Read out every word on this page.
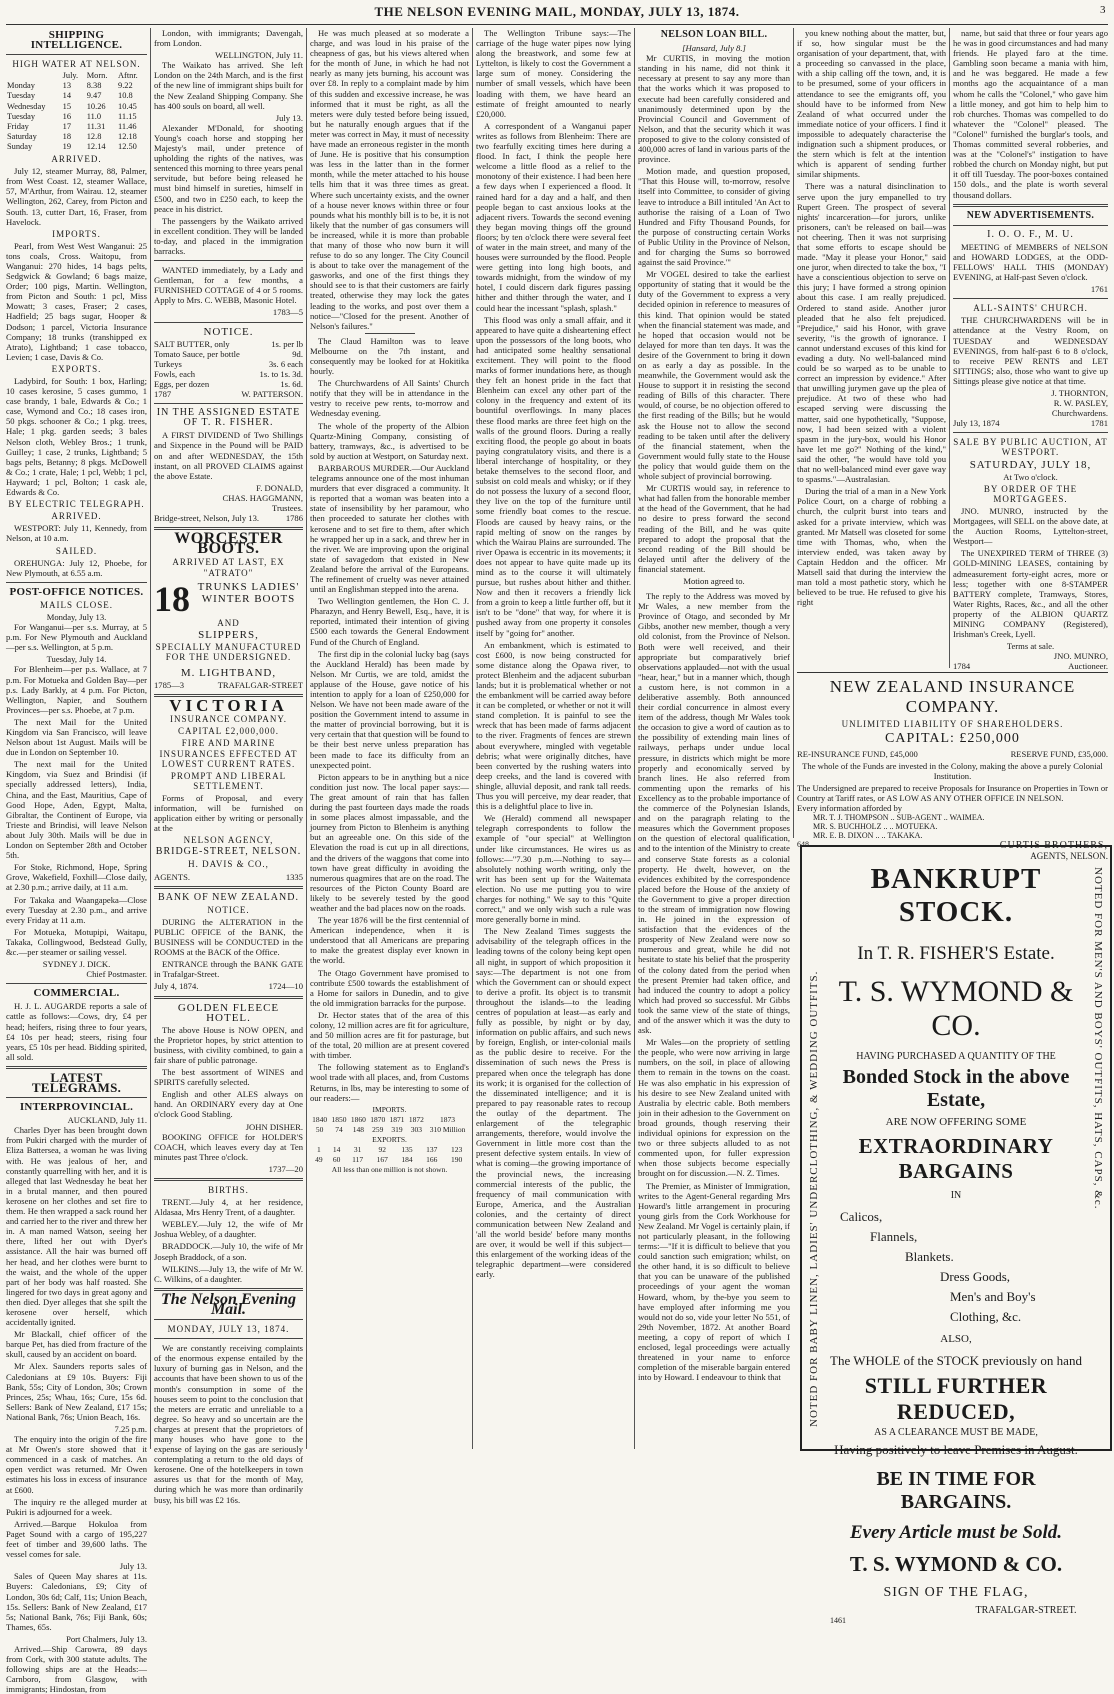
THE NELSON EVENING MAIL, MONDAY, JULY 13, 1874.	3
SHIPPING INTELLIGENCE.
HIGH WATER AT NELSON.
	July.	Morn.	Aftnr.
Monday	13	8.38	9.22
Tuesday	14	9.47	10.8
Wednesday	15	10.26	10.45
Tuesday	16	11.0	11.15
Friday	17	11.31	11.46
Saturday	18	12.8	12.18
Sunday	19	12.14	12.50
ARRIVED.

July 12, steamer Murray, 88, Palmer, from West Coast. 12, steamer Wallace, 57, M'Arthur, from Wairau. 12, steamer Wellington, 262, Carey, from Picton and South. 13, cutter Dart, 16, Fraser, from Havelock.

IMPORTS.

Pearl, from West West Wanganui: 25 tons coals, Cross. Waitopu, from Wanganui: 270 hides, 14 bags pelts, Sedgwick & Gowland; 6 bags maize, Order; 100 pigs, Martin. Wellington, from Picton and South: 1 pcl, Miss Mowatt; 3 cases, Fraser; 2 cases, Hadfield; 25 bags sugar, Hooper & Dodson; 1 parcel, Victoria Insurance Company; 18 trunks (transhipped ex Atrato), Lightband; 1 case tobacco, Levien; 1 case, Davis & Co.

EXPORTS.

Ladybird, for South: 1 box, Harling; 10 cases kerosine, 5 cases gummo, 1 case brandy, 1 bale, Edwards & Co.; 1 case, Wymond and Co.; 18 cases iron, 50 pkgs. schooner & Co.; 1 pkg. trees, Hale; 1 pkg. garden seeds; 3 bales Nelson cloth, Webley Bros.; 1 trunk, Guilley; 1 case, 2 trunks, Lightband; 5 bags pelts, Betanny; 8 pkgs. McDowell & Co.; 1 crate, Hale; 1 pcl, Webb; 1 pcl, Hayward; 1 pcl, Bolton; 1 cask ale, Edwards & Co.

BY ELECTRIC TELEGRAPH.
ARRIVED.

WESTPORT: July 11, Kennedy, from Nelson, at 10 a.m.

SAILED.

OREHUNGA: July 12, Phoebe, for New Plymouth, at 6.55 a.m.

POST-OFFICE NOTICES.
MAILS CLOSE.
Monday, July 13.

For Wanganui—per s.s. Murray, at 5 p.m. For New Plymouth and Auckland—per s.s. Wellington, at 5 p.m.

Tuesday, July 14.

For Blenheim—per p.s. Wallace, at 7 p.m. For Motueka and Golden Bay—per p.s. Lady Barkly, at 4 p.m. For Picton, Wellington, Napier, and Southern Provinces—per s.s. Phoebe, at 7 p.m.

The next Mail for the United Kingdom via San Francisco, will leave Nelson about 1st August. Mails will be due in London on September 10.

The next mail for the United Kingdom, via Suez and Brindisi (if specially addressed letters), India, China, and the East, Mauritius, Cape of Good Hope, Aden, Egypt, Malta, Gibraltar, the Continent of Europe, via Trieste and Brindisi, will leave Nelson about July 30th. Mails will be due in London on September 28th and October 5th.

For Stoke, Richmond, Hope, Spring Grove, Wakefield, Foxhill—Close daily, at 2.30 p.m.; arrive daily, at 11 a.m.

For Takaka and Waangapeka—Close every Tuesday at 2.30 p.m., and arrive every Friday at 11 a.m.

For Motueka, Motupipi, Waitapu, Takaka, Collingwood, Bedstead Gully, &c.—per steamer or sailing vessel.

SYDNEY J. DICK.
Chief Postmaster.
COMMERCIAL.

H. J. L. AUGARDE reports a sale of cattle as follows:—Cows, dry, £4 per head; heifers, rising three to four years, £4 10s per head; steers, rising four years, £5 10s per head. Bidding spirited, all sold.

LATEST TELEGRAMS.
INTERPROVINCIAL.
AUCKLAND, July 11.

Charles Dyer has been brought down from Pukiri charged with the murder of Eliza Battersea, a woman he was living with. He was jealous of her, and constantly quarrelling with her, and it is alleged that last Wednesday he beat her in a brutal manner, and then poured kerosene on her clothes and set fire to them. He then wrapped a sack round her and carried her to the river and threw her in. A man named Watson, seeing her there, lifted her out with Dyer's assistance. All the hair was burned off her head, and her clothes were burnt to the waist, and the whole of the upper part of her body was half roasted. She lingered for two days in great agony and then died. Dyer alleges that she spilt the kerosene over herself, which accidentally ignited.

Mr Blackall, chief officer of the barque Pet, has died from fracture of the skull, caused by an accident on board.

Mr Alex. Saunders reports sales of Caledonians at £9 10s. Buyers: Fiji Bank, 55s; City of London, 30s; Crown Princes, 25s; Whau, 16s; Cure, 15s 6d. Sellers: Bank of New Zealand, £17 15s; National Bank, 76s; Union Beach, 16s.

7.25 p.m.

The enquiry into the origin of the fire at Mr Owen's store showed that it commenced in a cask of matches. An open verdict was returned. Mr Owen estimates his loss in excess of insurance at £600.

The inquiry re the alleged murder at Pukiri is adjourned for a week.

Arrived.—Barque Hokuloa from Paget Sound with a cargo of 195,227 feet of timber and 39,600 laths. The vessel comes for sale.

July 13.

Sales of Queen May shares at 11s. Buyers: Caledonians, £9; City of London, 30s 6d; Calf, 11s; Union Beach, 15s. Sellers: Bank of New Zealand, £17 5s; National Bank, 76s; Fiji Bank, 60s; Thames, 65s.

Port Chalmers, July 13.

Arrived.—Ship Carowra, 89 days from Cork, with 300 statute adults. The following ships are at the Heads:—Carnboro, from Glasgow, with immigrants; Hindostan, from

London, with immigrants; Davengah, from London.

WELLINGTON, July 11.

The Waikato has arrived. She left London on the 24th March, and is the first of the new line of immigrant ships built for the New Zealand Shipping Company. She has 400 souls on board, all well.

July 13.

Alexander M'Donald, for shooting Young's coach horse and stopping her Majesty's mail, under pretence of upholding the rights of the natives, was sentenced this morning to three years penal servitude, but before being released he must bind himself in sureties, himself in £500, and two in £250 each, to keep the peace in his district.

The passengers by the Waikato arrived in excellent condition. They will be landed to-day, and placed in the immigration barracks.

WANTED immediately, by a Lady and Gentleman, for a few months, a FURNISHED COTTAGE of 4 or 5 rooms. Apply to Mrs. C. WEBB, Masonic Hotel.

1783—5
NOTICE.
SALT BUTTER, only	1s. per lb
Tomato Sauce, per bottle	9d.
Turkeys	3s. 6 each
Fowls, each	1s. to 1s. 3d.
Eggs, per dozen	1s. 6d.
1787	W. PATTERSON.
IN THE ASSIGNED ESTATE OF T. R. FISHER.

A FIRST DIVIDEND of Two Shillings and Sixpence in the Pound will be PAID on and after WEDNESDAY, the 15th instant, on all PROVED CLAIMS against the above Estate.

F. DONALD,
CHAS. HAGGMANN,
Trustees.
Bridge-street, Nelson, July 13.	1786
WORCESTER BOOTS.
ARRIVED AT LAST, EX "ATRATO"
18 TRUNKS LADIES'
WINTER BOOTS
AND
SLIPPERS,
SPECIALLY MANUFACTURED FOR THE UNDERSIGNED.
M. LIGHTBAND,
1785—3	TRAFALGAR-STREET
VICTORIA
INSURANCE COMPANY.
CAPITAL £2,000,000.
FIRE AND MARINE INSURANCES EFFECTED AT LOWEST CURRENT RATES.
PROMPT AND LIBERAL SETTLEMENT.

Forms of Proposal, and every information, will be furnished on application either by writing or personally at the

NELSON AGENCY,
BRIDGE-STREET, NELSON.
H. DAVIS & CO.,
AGENTS.	1335
BANK OF NEW ZEALAND.
NOTICE.

DURING the ALTERATION in the PUBLIC OFFICE of the BANK, the BUSINESS will be CONDUCTED in the ROOMS at the BACK of the Office.

ENTRANCE through the BANK GATE in Trafalgar-Street.

July 4, 1874.	1724—10
GOLDEN FLEECE HOTEL.

The above House is NOW OPEN, and the Proprietor hopes, by strict attention to business, with civility combined, to gain a fair share of public patronage.

The best assortment of WINES and SPIRITS carefully selected.

English and other ALES always on hand. An ORDINARY every day at One o'clock Good Stabling.

JOHN DISHER.

BOOKING OFFICE for HOLDER'S COACH, which leaves every day at Ten minutes past Three o'clock.

1737—20
BIRTHS.

TRENT.—July 4, at her residence, Aldasaa, Mrs Henry Trent, of a daughter.

WEBLEY.—July 12, the wife of Mr Joshua Webley, of a daughter.

BRADDOCK.—July 10, the wife of Mr Joseph Braddock, of a son.

WILKINS.—July 13, the wife of Mr W. C. Wilkins, of a daughter.

The Nelson Evening Mail.
MONDAY, JULY 13, 1874.

We are constantly receiving complaints of the enormous expense entailed by the luxury of burning gas in Nelson, and the accounts that have been shown to us of the month's consumption in some of the houses seem to point to the conclusion that the meters are erratic and unreliable to a degree. So heavy and so uncertain are the charges at present that the proprietors of many houses who have gone to the expense of laying on the gas are seriously contemplating a return to the old days of kerosene. One of the hotelkeepers in town assures us that for the month of May, during which he was more than ordinarily busy, his bill was £2 16s.

He was much pleased at so moderate a charge, and was loud in his praise of the cheapness of gas, but his views altered when for the month of June, in which he had not nearly as many jets burning, his account was over £8. In reply to a complaint made by him of this sudden and excessive increase, he was informed that it must be right, as all the meters were duly tested before being issued, but he naturally enough argues that if the meter was correct in May, it must of necessity have made an erroneous register in the month of June. He is positive that his consumption was less in the latter than in the former month, while the meter attached to his house tells him that it was three times as great. Where such uncertainty exists, and the owner of a house never knows within three or four pounds what his monthly bill is to be, it is not likely that the number of gas consumers will be increased, while it is more than probable that many of those who now burn it will refuse to do so any longer. The City Council is about to take over the management of the gasworks, and one of the first things they should see to is that their customers are fairly treated, otherwise they may lock the gates leading to the works, and post over them a notice—"Closed for the present. Another of Nelson's failures."

The Claud Hamilton was to leave Melbourne on the 7th instant, and consequently may be looked for at Hokitika hourly.

The Churchwardens of All Saints' Church notify that they will be in attendance in the vestry to receive pew rents, to-morrow and Wednesday evening.

The whole of the property of the Albion Quartz-Mining Company, consisting of battery, tramways, &c., is advertised to be sold by auction at Westport, on Saturday next.

BARBAROUS MURDER.—Our Auckland telegrams announce one of the most inhuman murders that ever disgraced a community. It is reported that a woman was beaten into a state of insensibility by her paramour, who then proceeded to saturate her clothes with kerosene and to set fire to them, after which he wrapped her up in a sack, and threw her in the river. We are improving upon the original state of savagedom that existed in New Zealand before the arrival of the Europeans. The refinement of cruelty was never attained until an Englishman stepped into the arena.

Two Wellington gentlemen, the Hon C. J. Pharazyn, and Henry Bewell, Esq., have, it is reported, intimated their intention of giving £500 each towards the General Endowment Fund of the Church of England.

The first dip in the colonial lucky bag (says the Auckland Herald) has been made by Nelson. Mr Curtis, we are told, amidst the applause of the House, gave notice of his intention to apply for a loan of £250,000 for Nelson. We have not been made aware of the position the Government intend to assume in the matter of provincial borrowing, but it is very certain that that question will be found to be their best nerve unless preparation has been made to face its difficulty from an unexpected point.

Picton appears to be in anything but a nice condition just now. The local paper says:—The great amount of rain that has fallen during the past fourteen days made the roads in some places almost impassable, and the journey from Picton to Blenheim is anything but an agreeable one. On this side of the Elevation the road is cut up in all directions, and the drivers of the waggons that come into town have great difficulty in avoiding the numerous quagmires that are on the road. The resources of the Picton County Board are likely to be severely tested by the good weather and the bad places now on the roads.

The year 1876 will be the first centennial of American independence, when it is understood that all Americans are preparing to make the greatest display ever known in the world.

The Otago Government have promised to contribute £500 towards the establishment of a Home for sailors in Dunedin, and to give the old immigration barracks for the purpose.

Dr. Hector states that of the area of this colony, 12 million acres are fit for agriculture, and 50 million acres are fit for pasturage, but of the total, 20 million are at present covered with timber.

The following statement as to England's wool trade with all places, and, from Customs Returns, in lbs, may be interesting to some of our readers:—

IMPORTS.
1840	1850	1860	1870	1871	1872	1873
50	74	148	259	319	303	310 Million
EXPORTS.
1	14	31	92	135	137	123
49	60	117	167	184	166	190
All less than one million is not shown.

The Wellington Tribune says:—The carriage of the huge water pipes now lying along the breastwork, and some few at Lyttelton, is likely to cost the Government a large sum of money. Considering the number of small vessels, which have been loading with them, we have heard an estimate of freight amounted to nearly £20,000.

A correspondent of a Wanganui paper writes as follows from Blenheim: There are two fearfully exciting times here during a flood. In fact, I think the people here welcome a little flood as a relief to the monotony of their existence. I had been here a few days when I experienced a flood. It rained hard for a day and a half, and then people began to cast anxious looks at the adjacent rivers. Towards the second evening they began moving things off the ground floors; by ten o'clock there were several feet of water in the main street, and many of the houses were surrounded by the flood. People were getting into long high boots, and towards midnight, from the window of my hotel, I could discern dark figures passing hither and thither through the water, and I could hear the incessant "splash, splash."

This flood was only a small affair, and it appeared to have quite a disheartening effect upon the possessors of the long boots, who had anticipated some healthy sensational excitement. They will point to the flood marks of former inundations here, as though they felt an honest pride in the fact that Blenheim can excel any other part of the colony in the frequency and extent of its bountiful overflowings. In many places these flood marks are three feet high on the walls of the ground floors. During a really exciting flood, the people go about in boats paying congratulatory visits, and there is a liberal interchange of hospitality, or they betake themselves to the second floor, and subsist on cold meals and whisky; or if they do not possess the luxury of a second floor, they live on the top of the furniture until some friendly boat comes to the rescue. Floods are caused by heavy rains, or the rapid melting of snow on the ranges by which the Wairau Plains are surrounded. The river Opawa is eccentric in its movements; it does not appear to have quite made up its mind as to the course it will ultimately pursue, but rushes about hither and thither. Now and then it recovers a friendly lick from a groin to keep a little further off, but it isn't to be "done" that way, for where it is pushed away from one property it consoles itself by "going for" another.

An embankment, which is estimated to cost £600, is now being constructed for some distance along the Opawa river, to protect Blenheim and the adjacent suburban lands; but it is problematical whether or not the embankment will be carried away before it can be completed, or whether or not it will stand completion. It is painful to see the wreck that has been made of farms adjacent to the river. Fragments of fences are strewn about everywhere, mingled with vegetable debris; what were originally ditches, have been converted by the rushing waters into deep creeks, and the land is covered with shingle, alluvial deposit, and rank tall reeds. Thus you will perceive, my dear reader, that this is a delightful place to live in.

We (Herald) commend all newspaper telegraph correspondents to follow the example of "our special" at Wellington under like circumstances. He wires us as follows:—"7.30 p.m.—Nothing to say—absolutely nothing worth writing, only the writ has been sent up for the Waitemata election. No use me putting you to wire charges for nothing." We say to this "Quite correct," and we only wish such a rule was more generally borne in mind.

The New Zealand Times suggests the advisability of the telegraph offices in the leading towns of the colony being kept open all night, in support of which proposition it says:—The department is not one from which the Government can or should expect to derive a profit. Its object is to transmit throughout the islands—to the leading centres of population at least—as early and fully as possible, by night or by day, information on public affairs, and such news by foreign, English, or inter-colonial mails as the public desire to receive. For the dissemination of such news the Press is prepared when once the telegraph has done its work; it is organised for the collection of the disseminated intelligence; and it is prepared to pay reasonable rates to recoup the outlay of the department. The enlargement of the telegraphic arrangements, therefore, would involve the Government in little more cost than the present defective system entails. In view of what is coming—the growing importance of the provincial news, the increasing commercial interests of the public, the frequency of mail communication with Europe, America, and the Australian colonies, and the certainty of direct communication between New Zealand and 'all the world beside' before many months are over, it would be well if this subject—this enlargement of the working ideas of the telegraphic department—were considered early.

NELSON LOAN BILL.
[Hansard, July 8.]

Mr CURTIS, in moving the motion standing in his name, did not think it necessary at present to say any more than that the works which it was proposed to execute had been carefully considered and unanimously determined upon by the Provincial Council and Government of Nelson, and that the security which it was proposed to give to the colony consisted of 400,000 acres of land in various parts of the province.

Motion made, and question proposed, "That this House will, to-morrow, resolve itself into Committee, to consider of giving leave to introduce a Bill intituled 'An Act to authorise the raising of a Loan of Two Hundred and Fifty Thousand Pounds, for the purpose of constructing certain Works of Public Utility in the Province of Nelson, and for charging the Sums so borrowed against the said Province.'"

Mr VOGEL desired to take the earliest opportunity of stating that it would be the duty of the Government to express a very decided opinion in reference to measures of this kind. That opinion would be stated when the financial statement was made, and he hoped that occasion would not be delayed for more than ten days. It was the desire of the Government to bring it down on as early a day as possible. In the meanwhile, the Government would ask the House to support it in resisting the second reading of Bills of this character. There would, of course, be no objection offered to the first reading of the Bills; but he would ask the House not to allow the second reading to be taken until after the delivery of the financial statement, when the Government would fully state to the House the policy that would guide them on the whole subject of provincial borrowing.

Mr CURTIS would say, in reference to what had fallen from the honorable member at the head of the Government, that he had no desire to press forward the second reading of the Bill, and he was quite prepared to adopt the proposal that the second reading of the Bill should be delayed until after the delivery of the financial statement.

Motion agreed to.

The reply to the Address was moved by Mr Wales, a new member from the Province of Otago, and seconded by Mr Gibbs, another new member, though a very old colonist, from the Province of Nelson. Both were well received, and their appropriate but comparatively brief observations applauded—not with the usual "hear, hear," but in a manner which, though a custom here, is not common in a deliberative assembly. Both announced their cordial concurrence in almost every item of the address, though Mr Wales took the occasion to give a word of caution as to the possibility of extending main lines of railways, perhaps under undue local pressure, in districts which might be more properly and economically served by branch lines. He also referred from commenting upon the remarks of his Excellency as to the probable importance of the commerce of the Polynesian Islands, and on the paragraph relating to the measures which the Government proposes on the question of electoral qualification, and to the intention of the Ministry to create and conserve State forests as a colonial property. He dwelt, however, on the evidences exhibited by the correspondence placed before the House of the anxiety of the Government to give a proper direction to the stream of immigration now flowing in. He joined in the expression of satisfaction that the evidences of the prosperity of New Zealand were now so numerous and great, while he did not hesitate to state his belief that the prosperity of the colony dated from the period when the present Premier had taken office, and had induced the country to adopt a policy which had proved so successful. Mr Gibbs took the same view of the state of things, and of the answer which it was the duty to ask.

Mr Wales—on the propriety of settling the people, who were now arriving in large numbers, on the soil, in place of allowing them to remain in the towns on the coast. He was also emphatic in his expression of his desire to see New Zealand united with Australia by electric cable. Both members join in their adhesion to the Government on broad grounds, though reserving their individual opinions for expression on the two or three subjects alluded to as not commented upon, for fuller expression when those subjects become especially brought on for discussion.—N. Z. Times.

The Premier, as Minister of Immigration, writes to the Agent-General regarding Mrs Howard's little arrangement in procuring young girls from the Cork Workhouse for New Zealand. Mr Vogel is certainly plain, if not particularly pleasant, in the following terms:—"If it is difficult to believe that you could sanction such emigration; whilst, on the other hand, it is so difficult to believe that you can be unaware of the published proceedings of your agent the woman Howard, whom, by the-bye you seem to have employed after informing me you would not do so, vide your letter No 551, of 29th November, 1872. At another Board meeting, a copy of report of which I enclosed, legal proceedings were actually threatened in your name to enforce completion of the miserable bargain entered into by Howard. I endeavour to think that

you knew nothing about the matter, but, if so, how singular must be the organisation of your department, that, with a proceeding so canvassed in the place, with a ship calling off the town, and, it is to be presumed, some of your officers in attendance to see the emigrants off, you should have to be informed from New Zealand of what occurred under the immediate notice of your officers. I find it impossible to adequately characterise the indignation such a shipment produces, or the stern which is felt at the intention which is apparent of sending further similar shipments.

There was a natural disinclination to serve upon the jury empanelled to try Rupert Green. The prospect of several nights' incarceration—for jurors, unlike prisoners, can't be released on bail—was not cheering. Then it was not surprising that some efforts to escape should be made. "May it please your Honor," said one juror, when directed to take the box, "I have a conscientious objection to serve on this jury; I have formed a strong opinion about this case. I am really prejudiced. Ordered to stand aside. Another juror pleaded that he also felt prejudiced. "Prejudice," said his Honor, with grave severity, "is the growth of ignorance. I cannot understand excuses of this kind for evading a duty. No well-balanced mind could be so warped as to be unable to correct an impression by evidence." After that unwilling jurymen gave up the plea of prejudice. At two of these who had escaped serving were discussing the matter, said one hypothetically, "Suppose, now, I had been seized with a violent spasm in the jury-box, would his Honor have let me go?" Nothing of the kind," said the other, "he would have told you that no well-balanced mind ever gave way to spasms."—Australasian.

During the trial of a man in a New York Police Court, on a charge of robbing a church, the culprit burst into tears and asked for a private interview, which was granted. Mr Matsell was closeted for some time with Thomas, who, when the interview ended, was taken away by Captain Heddon and the officer. Mr Matsell said that during the interview the man told a most pathetic story, which he believed to be true. He refused to give his right

name, but said that three or four years ago he was in good circumstances and had many friends. He played faro at the time. Gambling soon became a mania with him, and he was beggared. He made a few months ago the acquaintance of a man whom he calls the "Colonel," who gave him a little money, and got him to help him to rob churches. Thomas was compelled to do whatever the "Colonel" pleased. The "Colonel" furnished the burglar's tools, and Thomas committed several robberies, and was at the "Colonel's" instigation to have robbed the church on Monday night, but put it off till Tuesday. The poor-boxes contained 150 dols., and the plate is worth several thousand dollars.

NEW ADVERTISEMENTS.
I. O. O. F., M. U.

MEETING of MEMBERS of NELSON and HOWARD LODGES, at the ODD-FELLOWS' HALL THIS (MONDAY) EVENING, at Half-past Seven o'clock.

1761
ALL-SAINTS' CHURCH.

THE CHURCHWARDENS will be in attendance at the Vestry Room, on TUESDAY and WEDNESDAY EVENINGS, from half-past 6 to 8 o'clock, to receive PEW RENTS and LET SITTINGS; also, those who want to give up Sittings please give notice at that time.

J. THORNTON,
R. W. PASLEY,
Churchwardens.
July 13, 1874	1781
SALE BY PUBLIC AUCTION, AT WESTPORT.
SATURDAY, JULY 18,
At Two o'clock.
BY ORDER OF THE MORTGAGEES.

JNO. MUNRO, instructed by the Mortgagees, will SELL on the above date, at the Auction Rooms, Lyttelton-street, Westport—

The UNEXPIRED TERM of THREE (3) GOLD-MINING LEASES, containing by admeasurement forty-eight acres, more or less; together with one 8-STAMPER BATTERY complete, Tramways, Stores, Water Rights, Races, &c., and all the other property of the ALBION QUARTZ MINING COMPANY (Registered), Irishman's Creek, Lyell.

Terms at sale.
JNO. MUNRO,
1784	Auctioneer.
NEW ZEALAND INSURANCE COMPANY.
UNLIMITED LIABILITY OF SHAREHOLDERS.
CAPITAL: £250,000
RE-INSURANCE FUND, £45,000	RESERVE FUND, £35,000.
The whole of the Funds are invested in the Colony, making the above a purely Colonial Institution.
The Undersigned are prepared to receive Proposals for Insurance on Properties in Town or Country at Tariff rates, or AS LOW AS ANY OTHER OFFICE IN NELSON.
Every information afforded by
MR. T. J. THOMPSON .. SUB-AGENT .. WAIMEA.
MR. S. BUCHHOLZ .. .. MOTUEKA.
MR. E. B. DIXON .. .. TAKAKA.
648	CURTIS BROTHERS,
AGENTS, NELSON.
NOTED FOR BABY LINEN, LADIES' UNDERCLOTHING, & WEDDING OUTFITS.	NOTED FOR MEN'S AND BOYS' OUTFITS, HATS, CAPS, &c.
BANKRUPT STOCK.
In T. R. FISHER'S Estate.
T. S. WYMOND & CO.
HAVING PURCHASED A QUANTITY OF THE
Bonded Stock in the above Estate,
ARE NOW OFFERING SOME
EXTRAORDINARY BARGAINS
IN
Calicos,
Flannels,
Blankets.
Dress Goods,
Men's and Boy's Clothing, &c.
ALSO,
The WHOLE of the STOCK previously on hand
STILL FURTHER REDUCED,
AS A CLEARANCE MUST BE MADE,
Having positively to leave Premises in August.
BE IN TIME FOR BARGAINS.
Every Article must be Sold.
T. S. WYMOND & CO.
SIGN OF THE FLAG,
TRAFALGAR-STREET.
1461
